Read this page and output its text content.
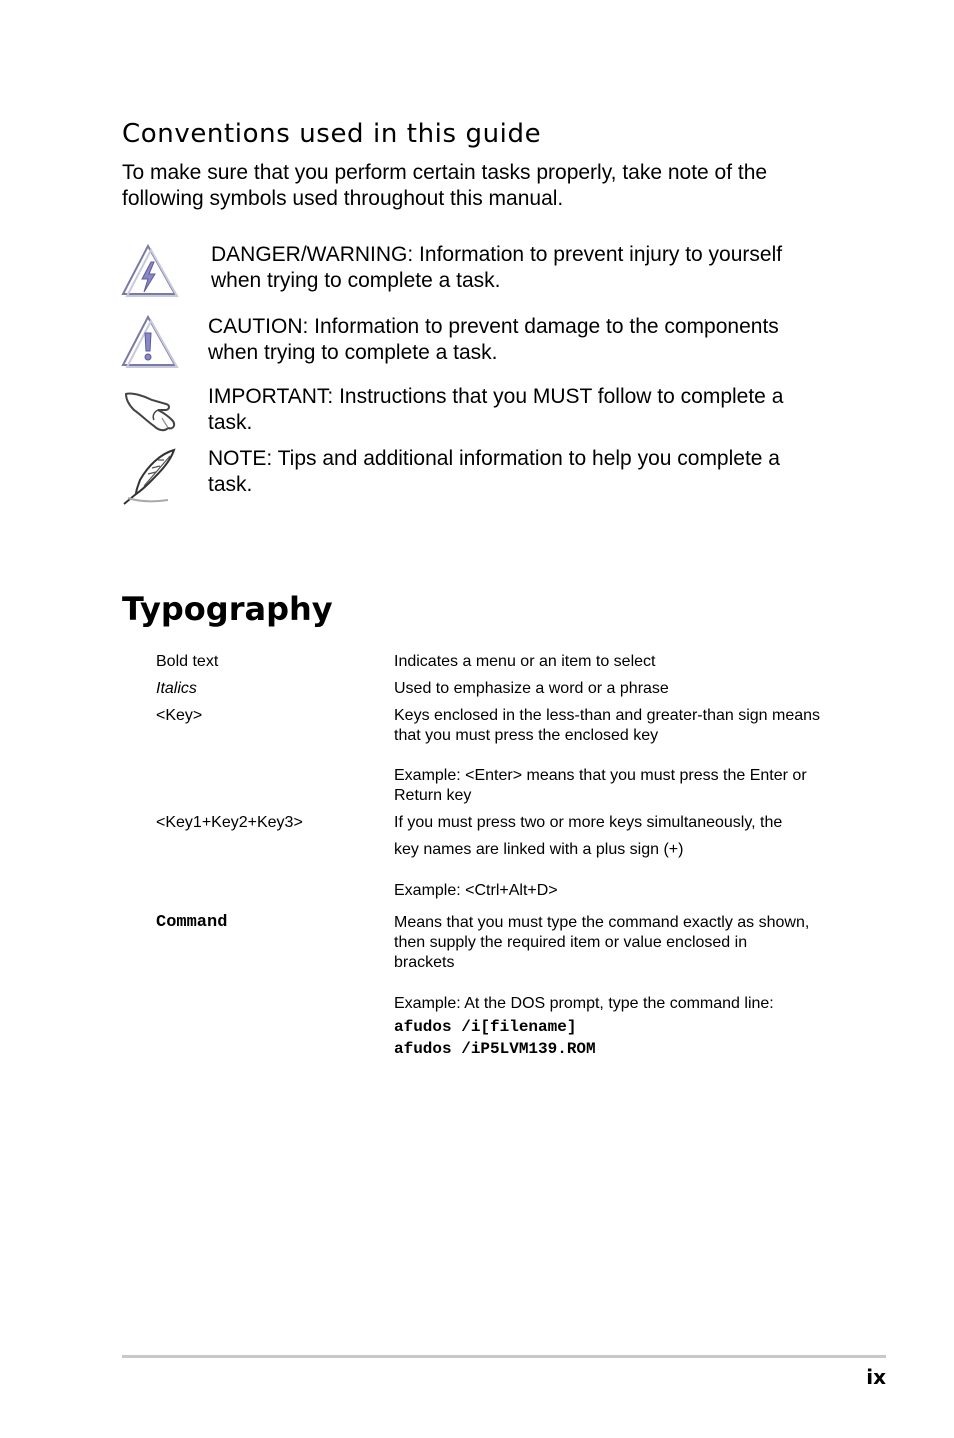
Conventions used in this guide

To make sure that you perform certain tasks properly, take note of the following symbols used throughout this manual.

DANGER/WARNING: Information to prevent injury to yourself
when trying to complete a task.
CAUTION: Information to prevent damage to the components
when trying to complete a task.
IMPORTANT: Instructions that you MUST follow to complete a
task.
NOTE: Tips and additional information to help you complete a
task.
Typography
Bold text	Indicates a menu or an item to select
Italics	Used to emphasize a word or a phrase
<Key>	Keys enclosed in the less-than and greater-than sign means
that you must press the enclosed key
Example: <Enter> means that you must press the Enter or
Return key
<Key1+Key2+Key3>	If you must press two or more keys simultaneously, the
key names are linked with a plus sign (+)
Example: <Ctrl+Alt+D>
Command	Means that you must type the command exactly as shown,
then supply the required item or value enclosed in
brackets
Example: At the DOS prompt, type the command line:
afudos /i[filename]
afudos /iP5LVM139.ROM
ix
